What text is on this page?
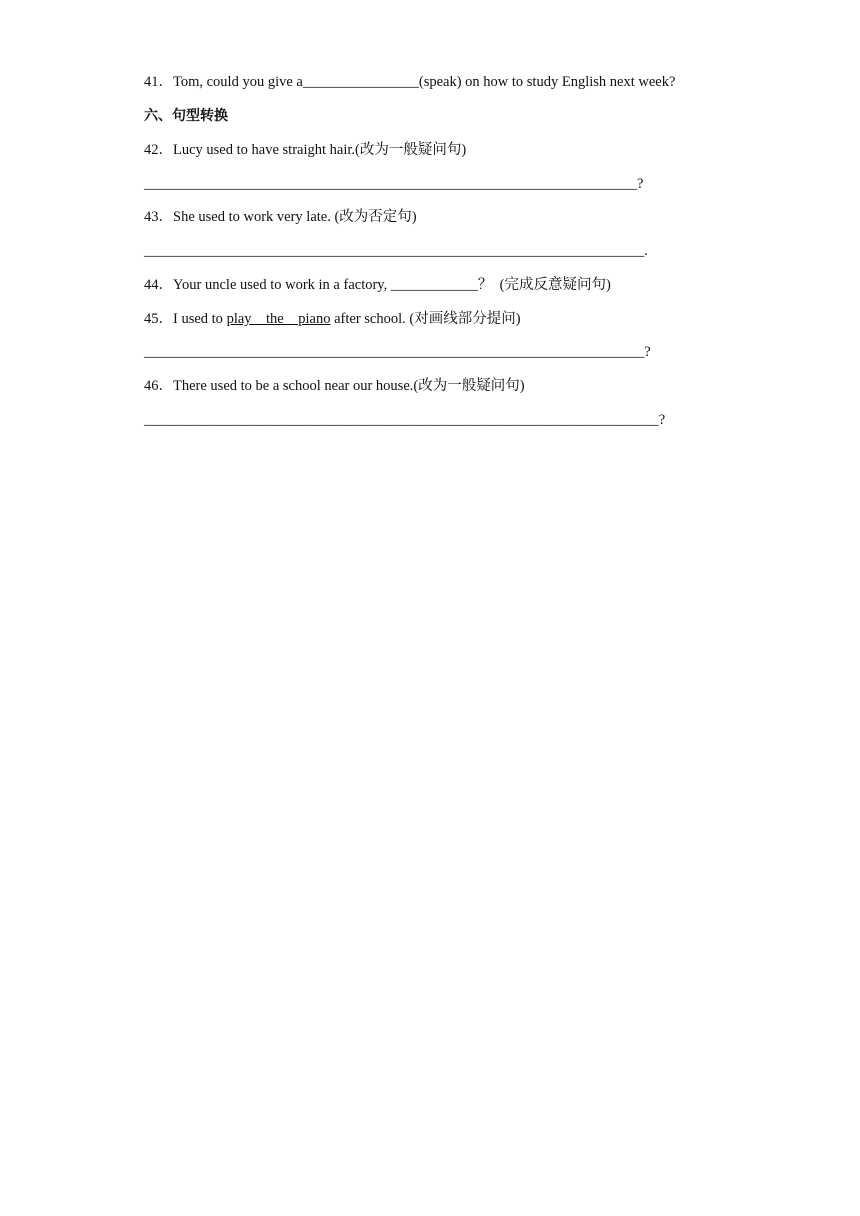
41．Tom, could you give a________________(speak) on how to study English next week?
六、句型转换
42．Lucy used to have straight hair.(改为一般疑问句)
____________________________________________________________________?
43．She used to work very late. (改为否定句)
_____________________________________________________________________.
44．Your uncle used to work in a factory, ____________？  (完成反意疑问句)
45．I used to play    the    piano after school. (对画线部分提问)
_____________________________________________________________________?
46．There used to be a school near our house.(改为一般疑问句)
_______________________________________________________________________?
